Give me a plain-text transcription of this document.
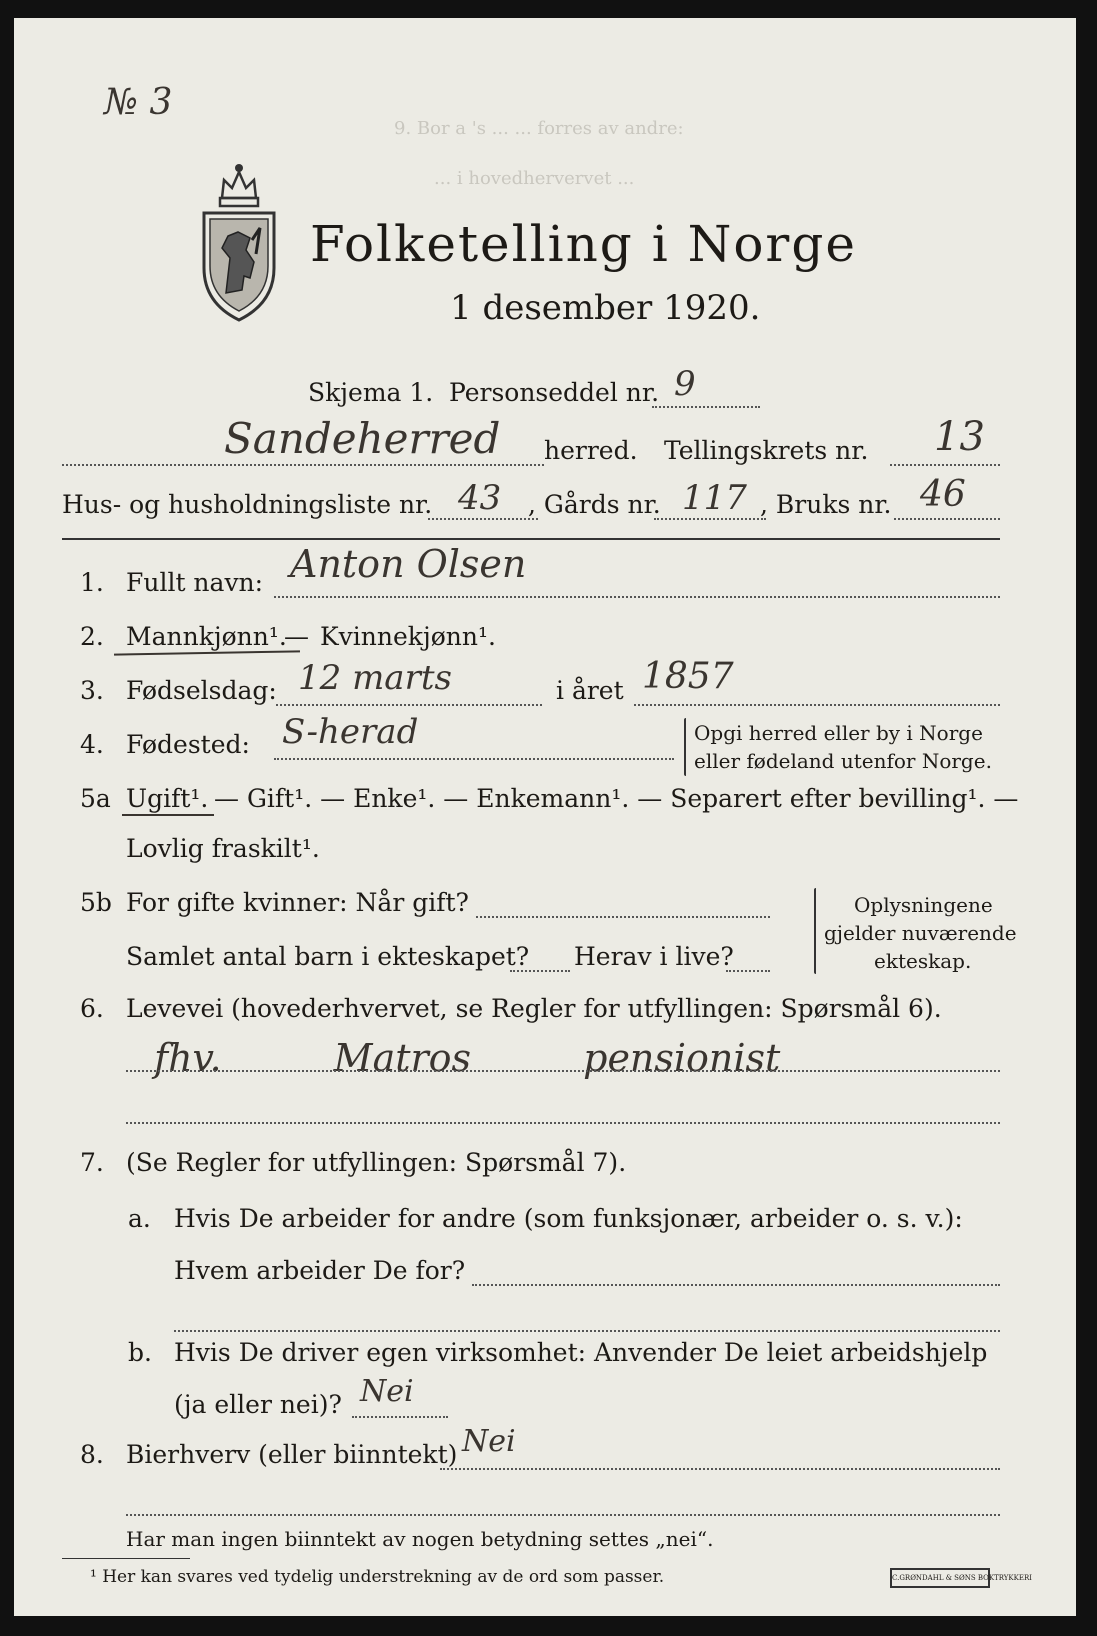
9. Bor a 's ... ... forres av andre:
... i hovedhervervet ...
№ 3
Folketelling i Norge
1 desember 1920.
Skjema 1. Personseddel nr. 9
Sandeherred herred. Tellingskrets nr. 13
Hus- og husholdningsliste nr. 43 , Gårds nr. 117 , Bruks nr. 46
1. Fullt navn: Anton Olsen
2. Mannkjønn¹.
— Kvinnekjønn¹.
3. Fødselsdag: 12 marts	i året 1857
4. Fødested: S-herad	Opgi herred eller by i Norge
eller fødeland utenfor Norge.
5a Ugift¹. — Gift¹. — Enke¹. — Enkemann¹. — Separert efter bevilling¹. —
Lovlig fraskilt¹.
5b For gifte kvinner: Når gift?
Samlet antal barn i ekteskapet? Herav i live?
Oplysningene
gjelder nuværende
ekteskap.
6. Levevei (hovederhvervet, se Regler for utfyllingen: Spørsmål 6).
fhv. Matros pensionist
7. (Se Regler for utfyllingen: Spørsmål 7).
a. Hvis De arbeider for andre (som funksjonær, arbeider o. s. v.):
Hvem arbeider De for?
b. Hvis De driver egen virksomhet: Anvender De leiet arbeidshjelp
(ja eller nei)? Nei
8. Bierhverv (eller biinntekt) Nei
Har man ingen biinntekt av nogen betydning settes „nei“.
¹ Her kan svares ved tydelig understrekning av de ord som passer.	C.GRØNDAHL & SØNS BOKTRYKKERI
